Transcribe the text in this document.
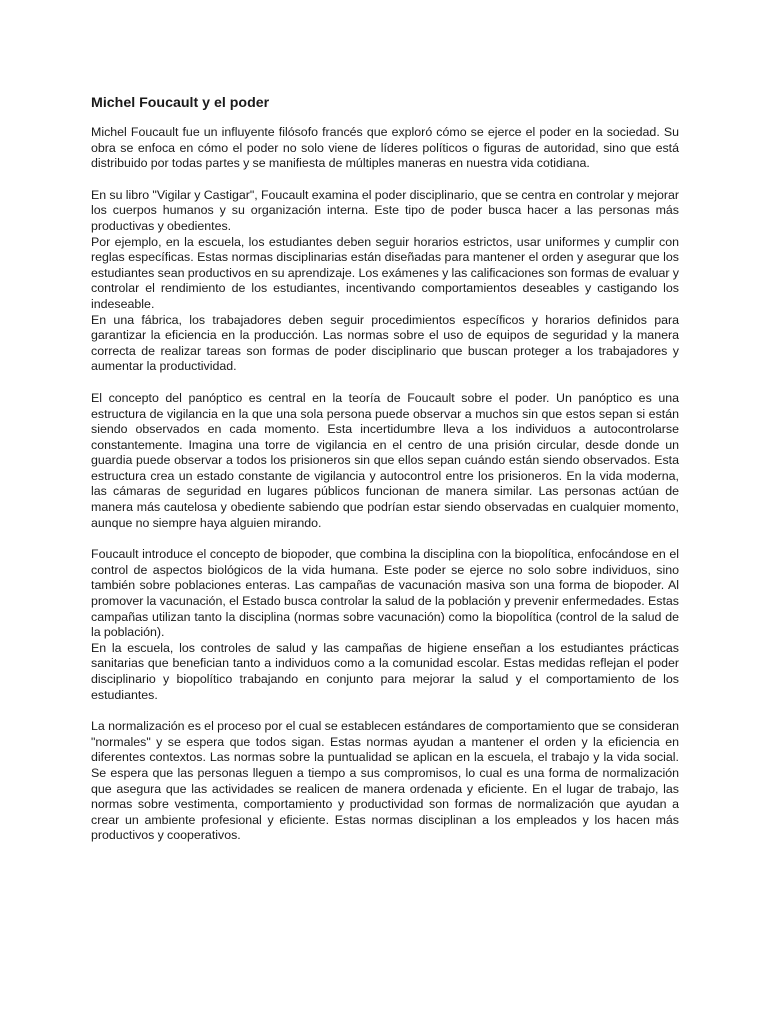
Michel Foucault y el poder

Michel Foucault fue un influyente filósofo francés que exploró cómo se ejerce el poder en la sociedad. Su obra se enfoca en cómo el poder no solo viene de líderes políticos o figuras de autoridad, sino que está distribuido por todas partes y se manifiesta de múltiples maneras en nuestra vida cotidiana.

En su libro "Vigilar y Castigar", Foucault examina el poder disciplinario, que se centra en controlar y mejorar los cuerpos humanos y su organización interna. Este tipo de poder busca hacer a las personas más productivas y obedientes.

Por ejemplo, en la escuela, los estudiantes deben seguir horarios estrictos, usar uniformes y cumplir con reglas específicas. Estas normas disciplinarias están diseñadas para mantener el orden y asegurar que los estudiantes sean productivos en su aprendizaje. Los exámenes y las calificaciones son formas de evaluar y controlar el rendimiento de los estudiantes, incentivando comportamientos deseables y castigando los indeseable.

En una fábrica, los trabajadores deben seguir procedimientos específicos y horarios definidos para garantizar la eficiencia en la producción. Las normas sobre el uso de equipos de seguridad y la manera correcta de realizar tareas son formas de poder disciplinario que buscan proteger a los trabajadores y aumentar la productividad.

El concepto del panóptico es central en la teoría de Foucault sobre el poder. Un panóptico es una estructura de vigilancia en la que una sola persona puede observar a muchos sin que estos sepan si están siendo observados en cada momento. Esta incertidumbre lleva a los individuos a autocontrolarse constantemente. Imagina una torre de vigilancia en el centro de una prisión circular, desde donde un guardia puede observar a todos los prisioneros sin que ellos sepan cuándo están siendo observados. Esta estructura crea un estado constante de vigilancia y autocontrol entre los prisioneros. En la vida moderna, las cámaras de seguridad en lugares públicos funcionan de manera similar. Las personas actúan de manera más cautelosa y obediente sabiendo que podrían estar siendo observadas en cualquier momento, aunque no siempre haya alguien mirando.

Foucault introduce el concepto de biopoder, que combina la disciplina con la biopolítica, enfocándose en el control de aspectos biológicos de la vida humana. Este poder se ejerce no solo sobre individuos, sino también sobre poblaciones enteras. Las campañas de vacunación masiva son una forma de biopoder. Al promover la vacunación, el Estado busca controlar la salud de la población y prevenir enfermedades. Estas campañas utilizan tanto la disciplina (normas sobre vacunación) como la biopolítica (control de la salud de la población).

En la escuela, los controles de salud y las campañas de higiene enseñan a los estudiantes prácticas sanitarias que benefician tanto a individuos como a la comunidad escolar. Estas medidas reflejan el poder disciplinario y biopolítico trabajando en conjunto para mejorar la salud y el comportamiento de los estudiantes.

La normalización es el proceso por el cual se establecen estándares de comportamiento que se consideran "normales" y se espera que todos sigan. Estas normas ayudan a mantener el orden y la eficiencia en diferentes contextos. Las normas sobre la puntualidad se aplican en la escuela, el trabajo y la vida social. Se espera que las personas lleguen a tiempo a sus compromisos, lo cual es una forma de normalización que asegura que las actividades se realicen de manera ordenada y eficiente. En el lugar de trabajo, las normas sobre vestimenta, comportamiento y productividad son formas de normalización que ayudan a crear un ambiente profesional y eficiente. Estas normas disciplinan a los empleados y los hacen más productivos y cooperativos.
